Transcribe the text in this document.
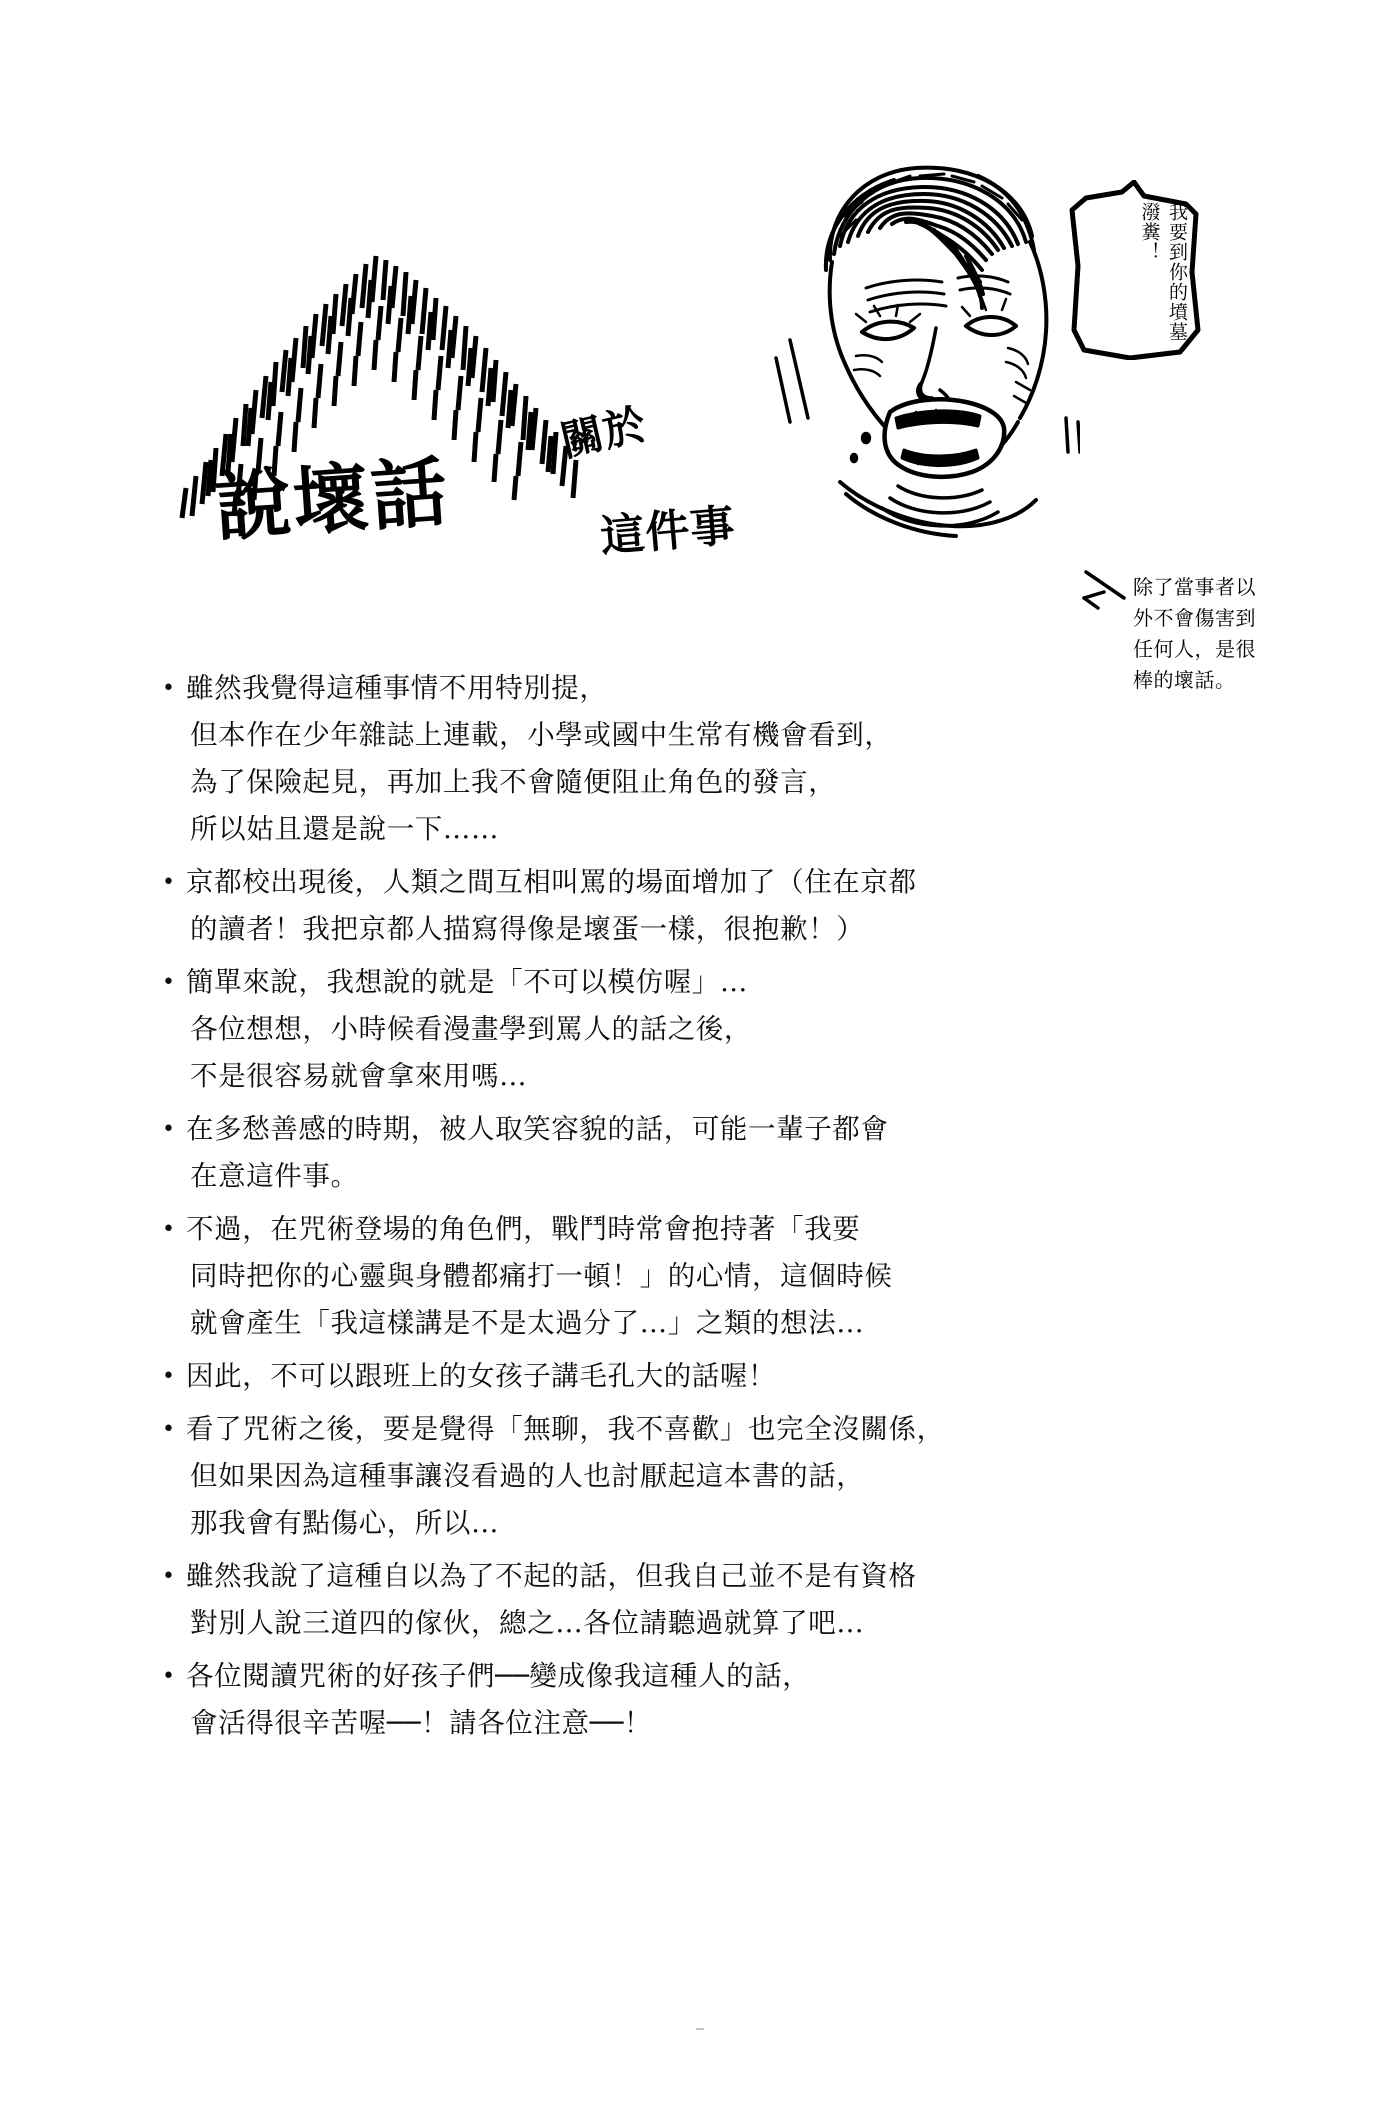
關於
說壞話	這件事
我要到你的墳墓潑糞！
除了當事者以
外不會傷害到
任何人，是很
棒的壞話。
• 雖然我覺得這種事情不用特別提，
但本作在少年雜誌上連載，小學或國中生常有機會看到，
為了保險起見，再加上我不會隨便阻止角色的發言，
所以姑且還是說一下……
• 京都校出現後，人類之間互相叫罵的場面增加了（住在京都
的讀者！我把京都人描寫得像是壞蛋一樣，很抱歉！）
• 簡單來說，我想說的就是「不可以模仿喔」…
各位想想，小時候看漫畫學到罵人的話之後，
不是很容易就會拿來用嗎…
• 在多愁善感的時期，被人取笑容貌的話，可能一輩子都會
在意這件事。
• 不過，在咒術登場的角色們，戰鬥時常會抱持著「我要
同時把你的心靈與身體都痛打一頓！」的心情，這個時候
就會產生「我這樣講是不是太過分了…」之類的想法…
• 因此，不可以跟班上的女孩子講毛孔大的話喔！
• 看了咒術之後，要是覺得「無聊，我不喜歡」也完全沒關係，
但如果因為這種事讓沒看過的人也討厭起這本書的話，
那我會有點傷心，所以…
• 雖然我說了這種自以為了不起的話，但我自己並不是有資格
對別人說三道四的傢伙，總之…各位請聽過就算了吧…
• 各位閱讀咒術的好孩子們──變成像我這種人的話，
會活得很辛苦喔──！請各位注意──！
